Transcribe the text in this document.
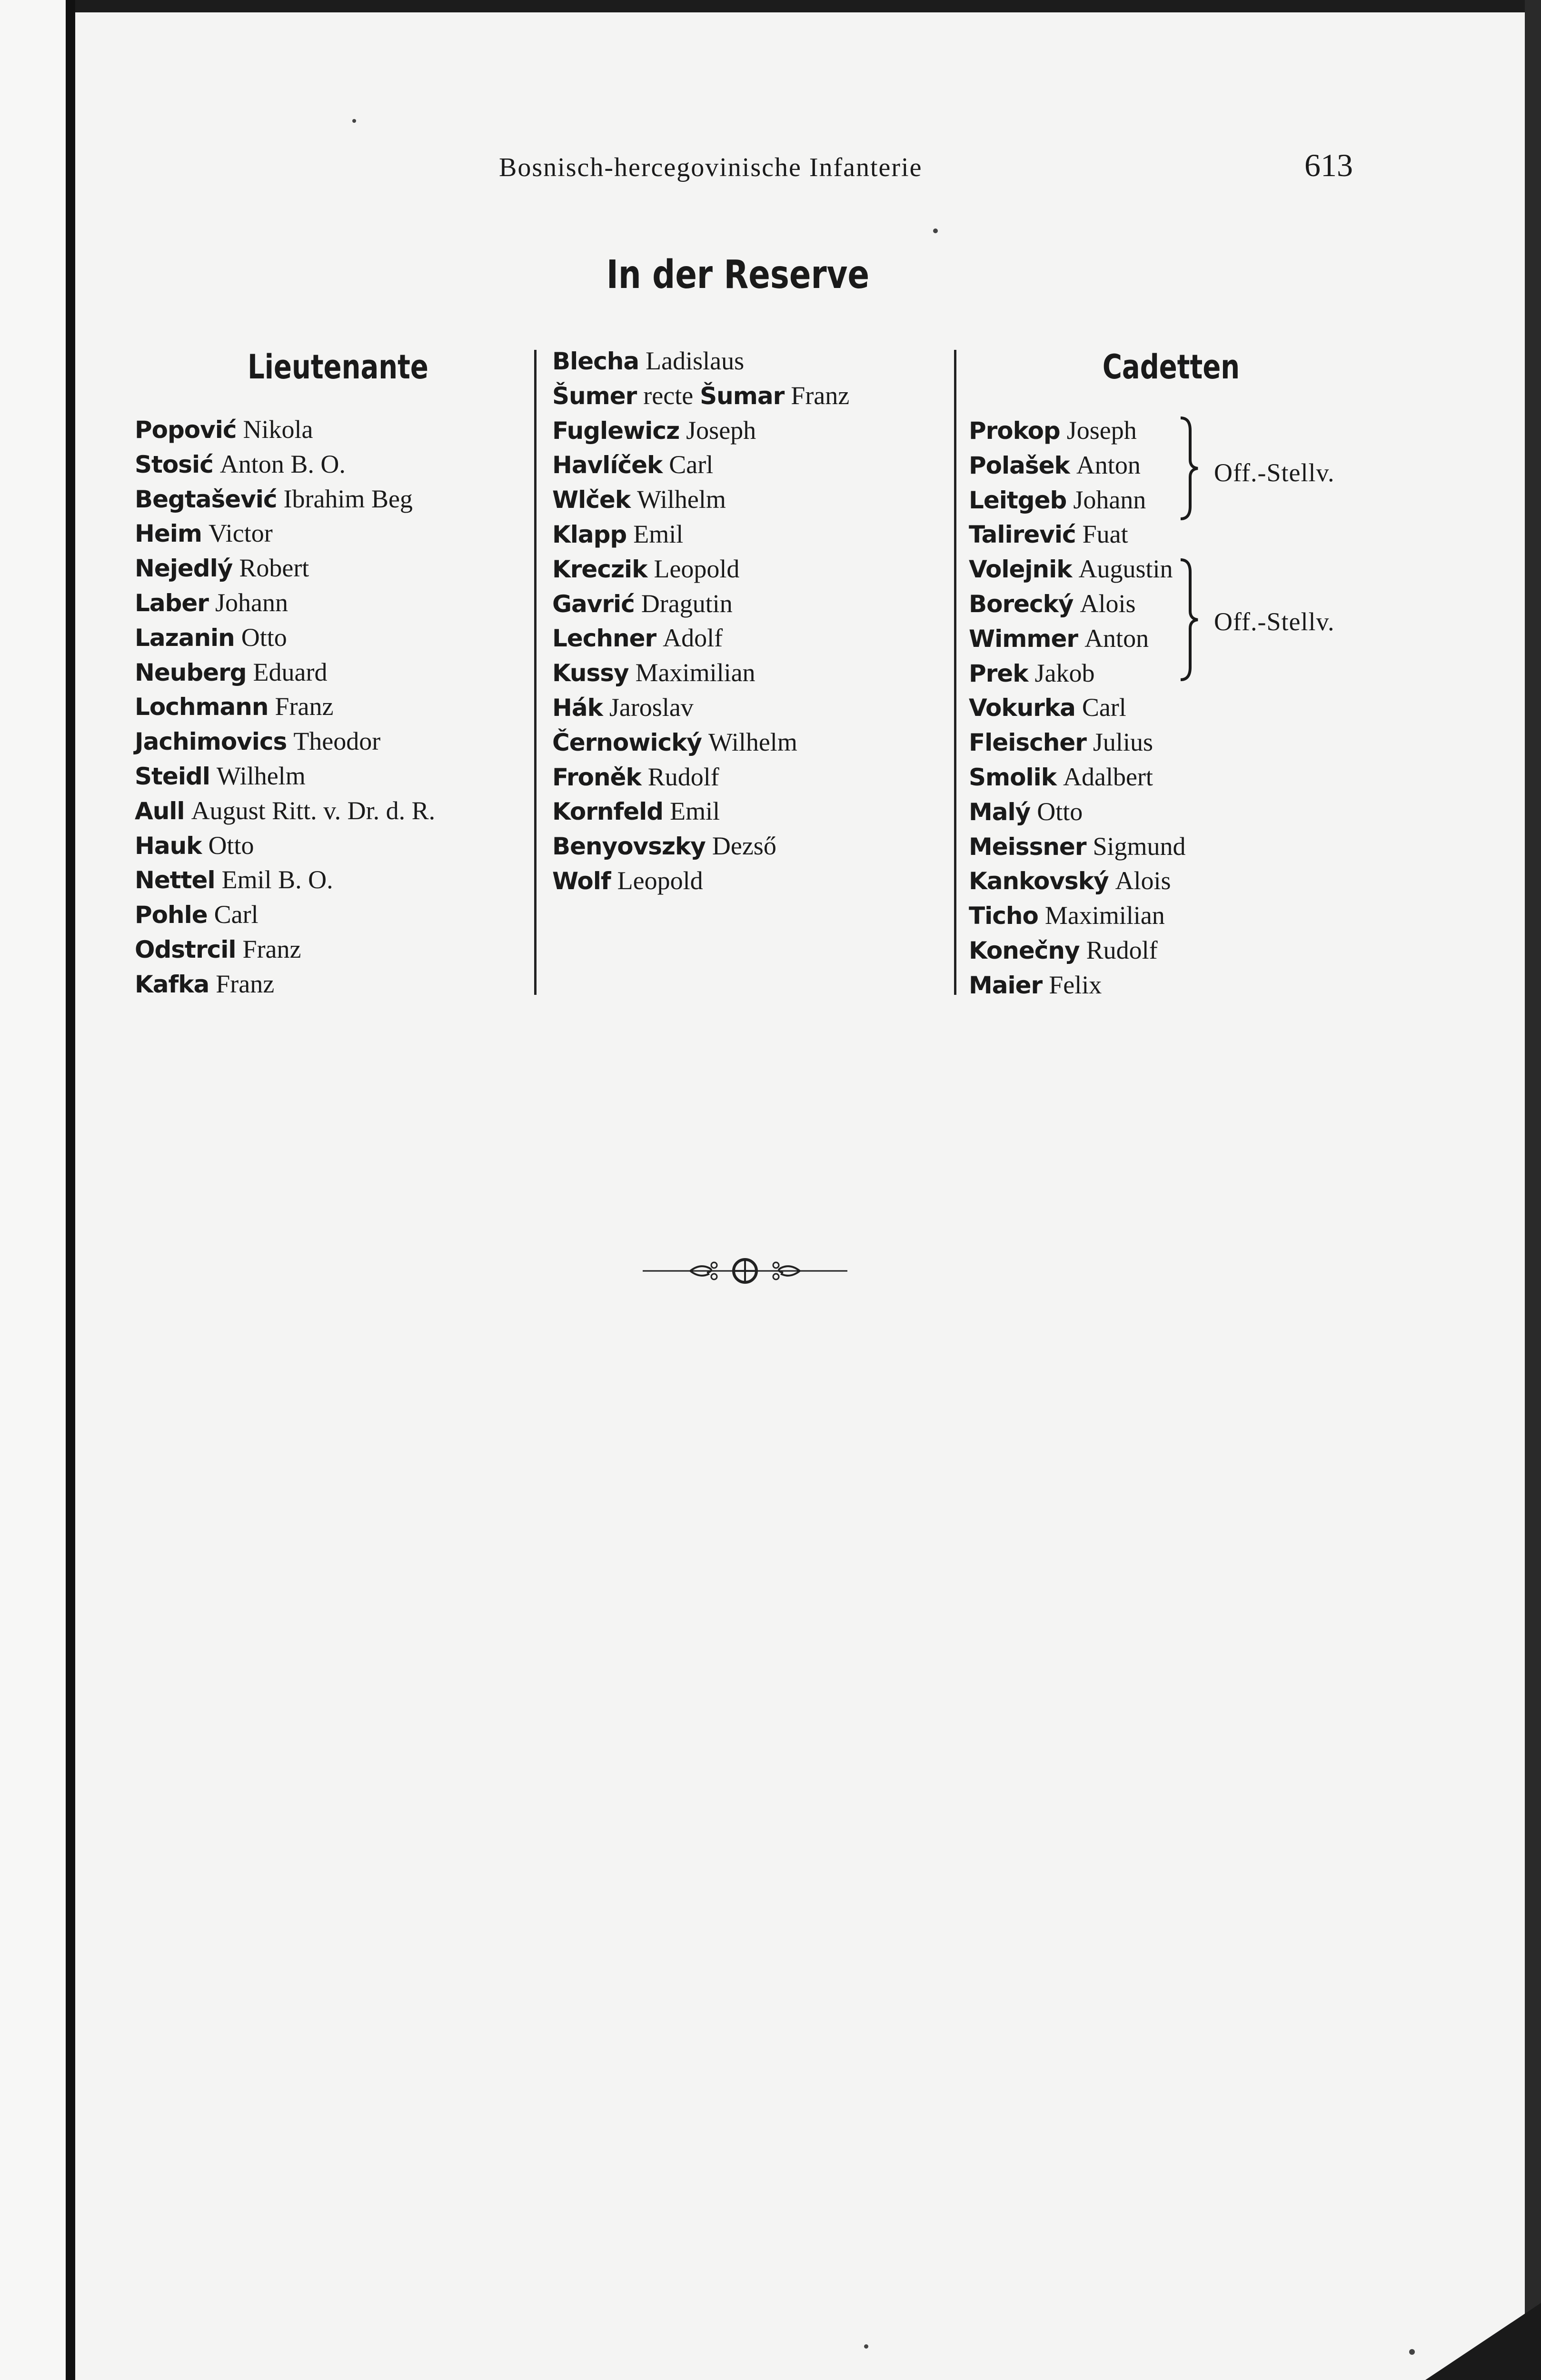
Bosnisch-hercegovinische Infanterie	613
In der Reserve
Lieutenante	Cadetten
Popović Nikola
Stosić Anton B. O.
Begtašević Ibrahim Beg
Heim Victor
Nejedlý Robert
Laber Johann
Lazanin Otto
Neuberg Eduard
Lochmann Franz
Jachimovics Theodor
Steidl Wilhelm
Aull August Ritt. v. Dr. d. R.
Hauk Otto
Nettel Emil B. O.
Pohle Carl
Odstrcil Franz
Kafka Franz
Blecha Ladislaus
Šumer recte Šumar Franz
Fuglewicz Joseph
Havlíček Carl
Wlček Wilhelm
Klapp Emil
Kreczik Leopold
Gavrić Dragutin
Lechner Adolf
Kussy Maximilian
Hák Jaroslav
Černowický Wilhelm
Froněk Rudolf
Kornfeld Emil
Benyovszky Dezső
Wolf Leopold
Prokop Joseph
Polašek Anton
Leitgeb Johann
Talirević Fuat
Volejnik Augustin
Borecký Alois
Wimmer Anton
Prek Jakob
Vokurka Carl
Fleischer Julius
Smolik Adalbert
Malý Otto
Meissner Sigmund
Kankovský Alois
Ticho Maximilian
Konečny Rudolf
Maier Felix
Off.-Stellv.
Off.-Stellv.
